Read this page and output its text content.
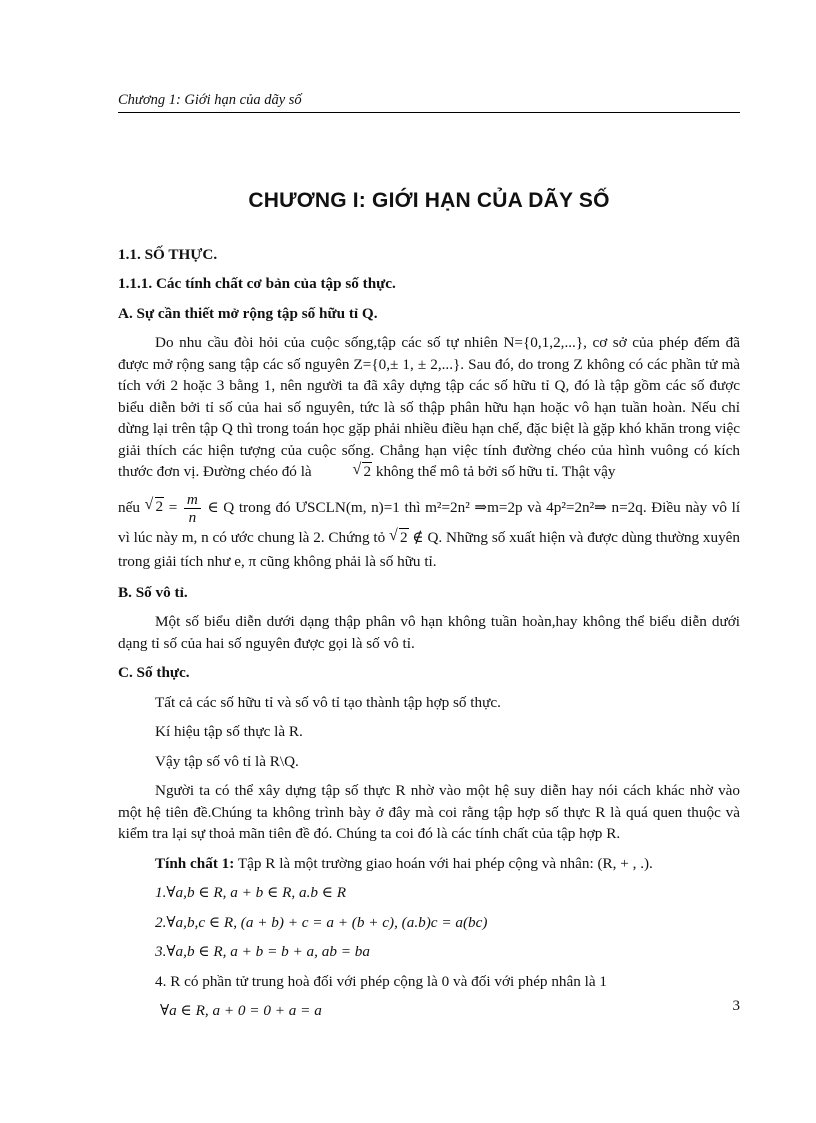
Chương 1: Giới hạn của dãy số
CHƯƠNG I: GIỚI HẠN CỦA DÃY SỐ
1.1. SỐ THỰC.
1.1.1. Các tính chất cơ bản của tập số thực.
A. Sự cần thiết mở rộng tập số hữu tỉ Q.

Do nhu cầu đòi hỏi của cuộc sống,tập các số tự nhiên N={0,1,2,...}, cơ sở của phép đếm đã được mở rộng sang tập các số nguyên Z={0,± 1, ± 2,...}. Sau đó, do trong Z không có các phần tử mà tích với 2 hoặc 3 bằng 1, nên người ta đã xây dựng tập các số hữu tỉ Q, đó là tập gồm các số được biểu diễn bởi tỉ số của hai số nguyên, tức là số thập phân hữu hạn hoặc vô hạn tuần hoàn. Nếu chỉ dừng lại trên tập Q thì trong toán học gặp phải nhiều điều hạn chế, đặc biệt là gặp khó khăn trong việc giải thích các hiện tượng của cuộc sống. Chẳng hạn việc tính đường chéo của hình vuông có kích thước đơn vị. Đường chéo đó là	√ 2 không thể mô tả bởi số hữu tỉ. Thật vậy

nếu √ $2 = \frac{m}{n}$ ∈ Q trong đó ƯSCLN(m, n)=1 thì m²=2n² ⇒m=2p và 4p²=2n²⇒ n=2q. Điều này vô lí vì lúc này m, n có ước chung là 2. Chứng tỏ √ 2 ∉ Q. Những số xuất hiện và được dùng thường xuyên trong giải tích như e, π cũng không phải là số hữu tỉ.

B. Số vô tỉ.

Một số biểu diễn dưới dạng thập phân vô hạn không tuần hoàn,hay không thể biểu diễn dưới dạng tỉ số của hai số nguyên được gọi là số vô tỉ.

C. Số thực.

Tất cả các số hữu tỉ và số vô tỉ tạo thành tập hợp số thực.

Kí hiệu tập số thực là R.

Vậy tập số vô tỉ là R\Q.

Người ta có thể xây dựng tập số thực R nhờ vào một hệ suy diễn hay nói cách khác nhờ vào một hệ tiên đề.Chúng ta không trình bày ở đây mà coi rằng tập hợp số thực R là quá quen thuộc và kiểm tra lại sự thoả mãn tiên đề đó. Chúng ta coi đó là các tính chất của tập hợp R.

Tính chất 1: Tập R là một trường giao hoán với hai phép cộng và nhân: (R, + , .).

1.∀a,b ∈ R, a + b ∈ R, a.b ∈ R

2.∀a,b,c ∈ R, (a + b) + c = a + (b + c), (a.b)c = a(bc)

3.∀a,b ∈ R, a + b = b + a, ab = ba

4. R có phần tử trung hoà đối với phép cộng là 0 và đối với phép nhân là 1

∀a ∈ R, a + 0 = 0 + a = a	3
